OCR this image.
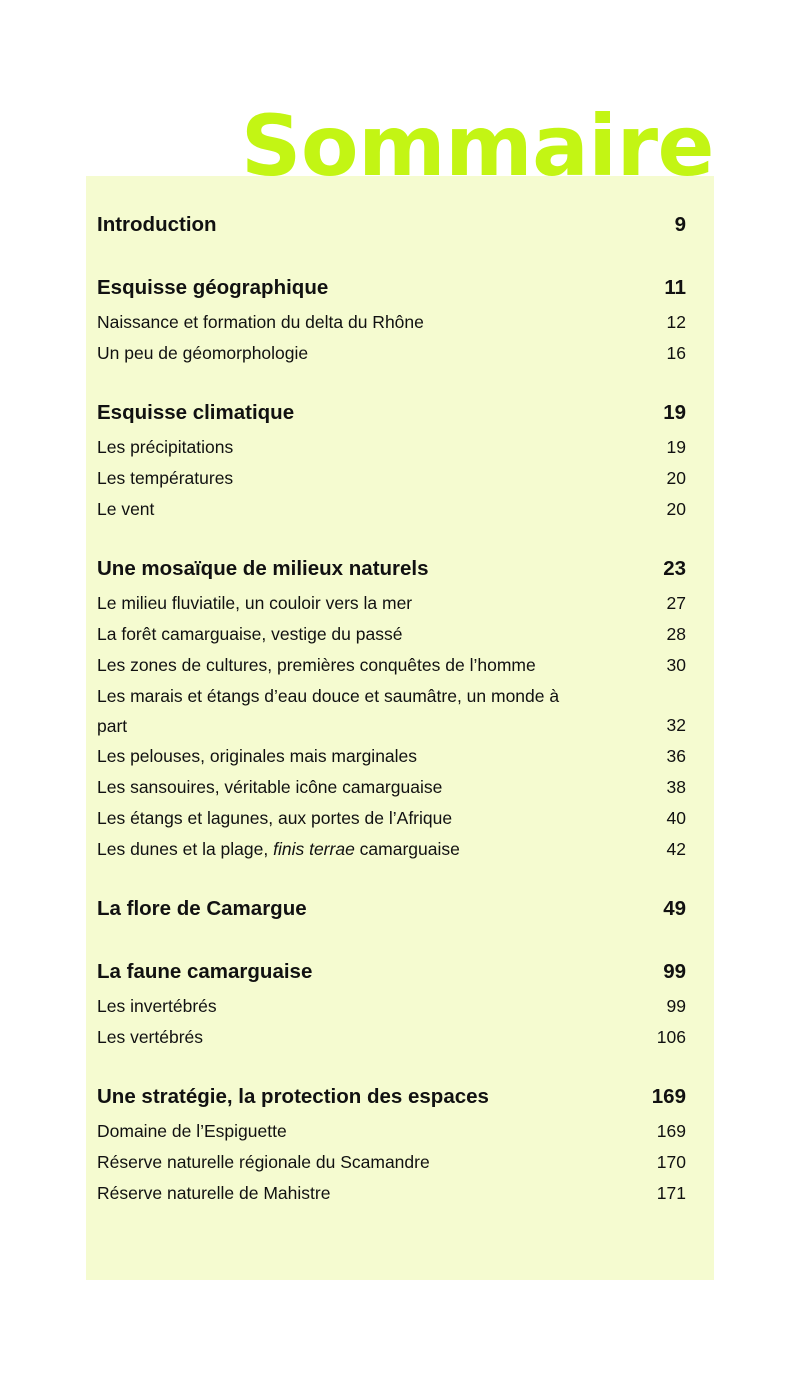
Sommaire
Introduction	9
Esquisse géographique	11
Naissance et formation du delta du Rhône	12
Un peu de géomorphologie	16
Esquisse climatique	19
Les précipitations	19
Les températures	20
Le vent	20
Une mosaïque de milieux naturels	23
Le milieu fluviatile, un couloir vers la mer	27
La forêt camarguaise, vestige du passé	28
Les zones de cultures, premières conquêtes de l’homme	30
Les marais et étangs d’eau douce et saumâtre, un monde à part	32
Les pelouses, originales mais marginales	36
Les sansouires, véritable icône camarguaise	38
Les étangs et lagunes, aux portes de l’Afrique	40
Les dunes et la plage, finis terrae camarguaise	42
La flore de Camargue	49
La faune camarguaise	99
Les invertébrés	99
Les vertébrés	106
Une stratégie, la protection des espaces	169
Domaine de l’Espiguette	169
Réserve naturelle régionale du Scamandre	170
Réserve naturelle de Mahistre	171
